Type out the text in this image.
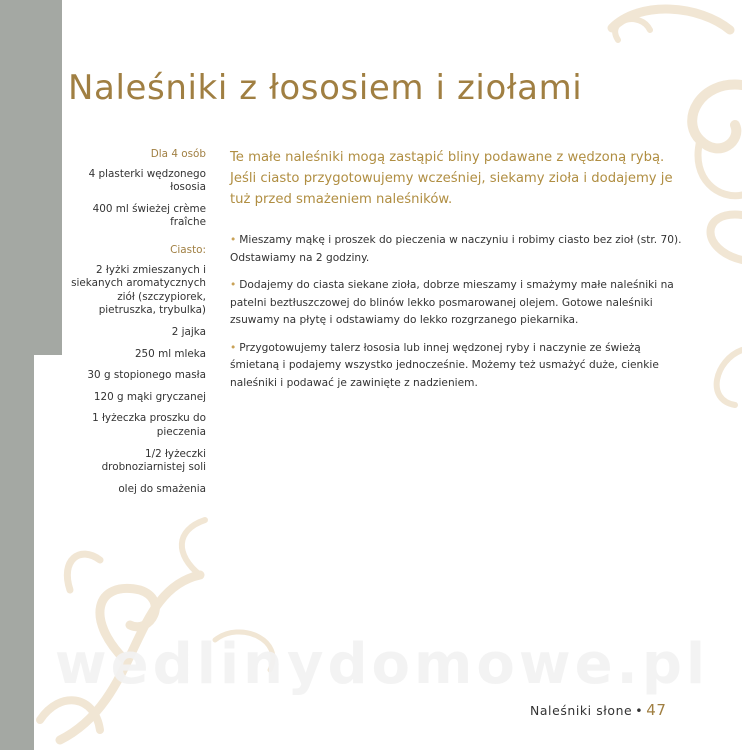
Naleśniki z łososiem i ziołami
Dla 4 osób
4 plasterki wędzonego łososia
400 ml świeżej crème fraîche
Ciasto:
2 łyżki zmieszanych i siekanych aromatycznych ziół (szczypiorek, pietruszka, trybulka)
2 jajka
250 ml mleka
30 g stopionego masła
120 g mąki gryczanej
1 łyżeczka proszku do pieczenia
1/2 łyżeczki drobnoziarnistej soli
olej do smażenia

Te małe naleśniki mogą zastąpić bliny podawane z wędzoną rybą. Jeśli ciasto przygotowujemy wcześniej, siekamy zioła i dodajemy je tuż przed smażeniem naleśników.

• Mieszamy mąkę i proszek do pieczenia w naczyniu i robimy ciasto bez zioł (str. 70). Odstawiamy na 2 godziny.

• Dodajemy do ciasta siekane zioła, dobrze mieszamy i smażymy małe naleśniki na patelni beztłuszczowej do blinów lekko posmarowanej olejem. Gotowe naleśniki zsuwamy na płytę i odstawiamy do lekko rozgrzanego piekarnika.

• Przygotowujemy talerz łososia lub innej wędzonej ryby i naczynie ze świeżą śmietaną i podajemy wszystko jednocześnie. Możemy też usmażyć duże, cienkie naleśniki i podawać je zawinięte z nadzieniem.

wedlinydomowe.pl
Naleśniki słone • 47
